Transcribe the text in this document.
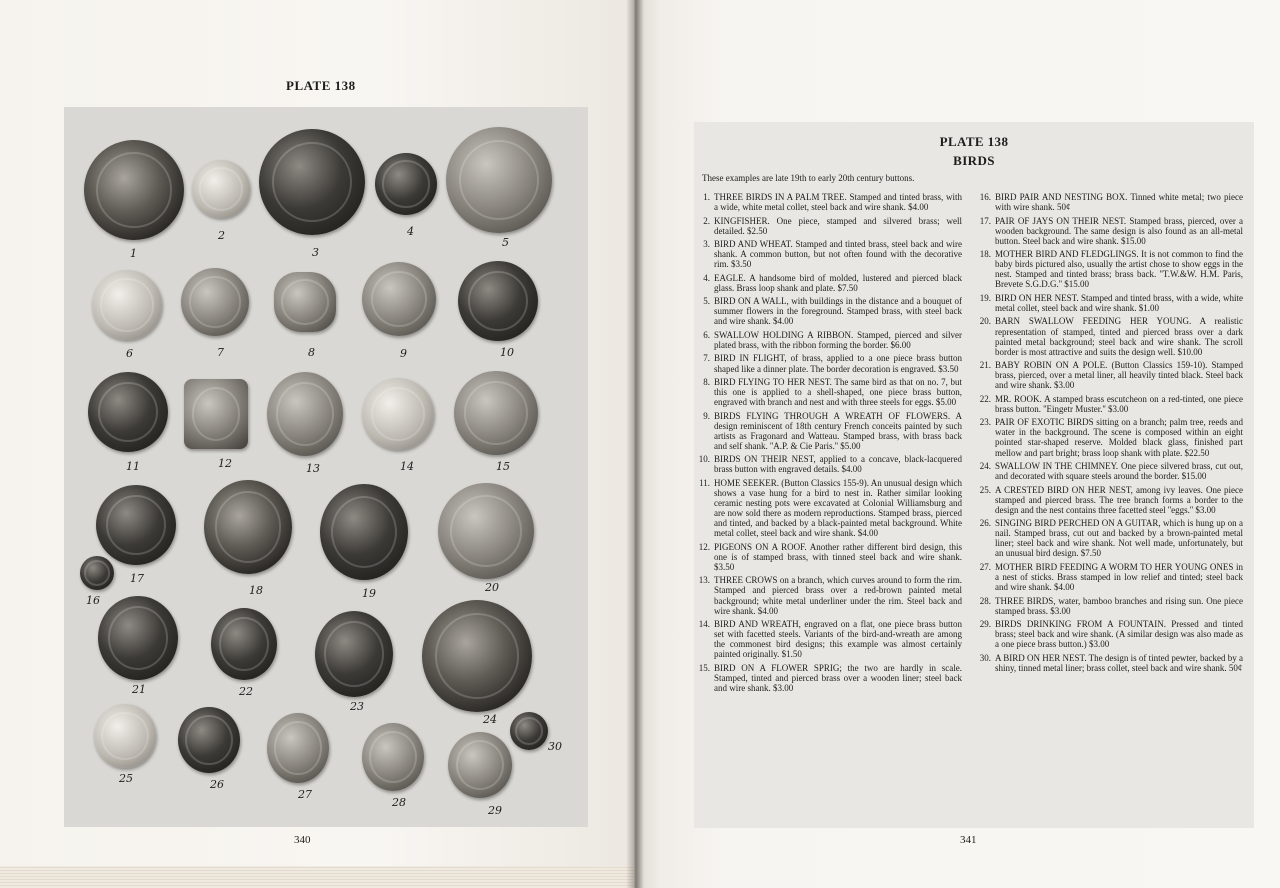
PLATE 138
1
2
3
4
5
6	7	8	9	10
11	12	13	14	15
16
17
18	19	20
21	22
23
24
25	26
27
28
29
30
340
PLATE 138
BIRDS
These examples are late 19th to early 20th century buttons.
1. THREE BIRDS IN A PALM TREE. Stamped and tinted brass, with a wide, white metal collet, steel back and wire shank. $4.00
2. KINGFISHER. One piece, stamped and silvered brass; well detailed. $2.50
3. BIRD AND WHEAT. Stamped and tinted brass, steel back and wire shank. A common button, but not often found with the decorative rim. $3.50
4. EAGLE. A handsome bird of molded, lustered and pierced black glass. Brass loop shank and plate. $7.50
5. BIRD ON A WALL, with buildings in the distance and a bouquet of summer flowers in the foreground. Stamped brass, with steel back and wire shank. $4.00
6. SWALLOW HOLDING A RIBBON. Stamped, pierced and silver plated brass, with the ribbon forming the border. $6.00
7. BIRD IN FLIGHT, of brass, applied to a one piece brass button shaped like a dinner plate. The border decoration is engraved. $3.50
8. BIRD FLYING TO HER NEST. The same bird as that on no. 7, but this one is applied to a shell-shaped, one piece brass button, engraved with branch and nest and with three steels for eggs. $5.00
9. BIRDS FLYING THROUGH A WREATH OF FLOWERS. A design reminiscent of 18th century French conceits painted by such artists as Fragonard and Watteau. Stamped brass, with brass back and self shank. ''A.P. & Cie Paris.'' $5.00
10. BIRDS ON THEIR NEST, applied to a concave, black-lacquered brass button with engraved details. $4.00
11. HOME SEEKER. (Button Classics 155-9). An unusual design which shows a vase hung for a bird to nest in. Rather similar looking ceramic nesting pots were excavated at Colonial Williamsburg and are now sold there as modern reproductions. Stamped brass, pierced and tinted, and backed by a black-painted metal background. White metal collet, steel back and wire shank. $4.00
12. PIGEONS ON A ROOF. Another rather different bird design, this one is of stamped brass, with tinned steel back and wire shank. $3.50
13. THREE CROWS on a branch, which curves around to form the rim. Stamped and pierced brass over a red-brown painted metal background; white metal underliner under the rim. Steel back and wire shank. $4.00
14. BIRD AND WREATH, engraved on a flat, one piece brass button set with facetted steels. Variants of the bird-and-wreath are among the commonest bird designs; this example was almost certainly painted originally. $1.50
15. BIRD ON A FLOWER SPRIG; the two are hardly in scale. Stamped, tinted and pierced brass over a wooden liner; steel back and wire shank. $3.00
16. BIRD PAIR AND NESTING BOX. Tinned white metal; two piece with wire shank. 50¢
17. PAIR OF JAYS ON THEIR NEST. Stamped brass, pierced, over a wooden background. The same design is also found as an all-metal button. Steel back and wire shank. $15.00
18. MOTHER BIRD AND FLEDGLINGS. It is not common to find the baby birds pictured also, usually the artist chose to show eggs in the nest. Stamped and tinted brass; brass back. ''T.W.&W. H.M. Paris, Brevete S.G.D.G.'' $15.00
19. BIRD ON HER NEST. Stamped and tinted brass, with a wide, white metal collet, steel back and wire shank. $1.00
20. BARN SWALLOW FEEDING HER YOUNG. A realistic representation of stamped, tinted and pierced brass over a dark painted metal background; steel back and wire shank. The scroll border is most attractive and suits the design well. $10.00
21. BABY ROBIN ON A POLE. (Button Classics 159-10). Stamped brass, pierced, over a metal liner, all heavily tinted black. Steel back and wire shank. $3.00
22. MR. ROOK. A stamped brass escutcheon on a red-tinted, one piece brass button. ''Eingetr Muster.'' $3.00
23. PAIR OF EXOTIC BIRDS sitting on a branch; palm tree, reeds and water in the background. The scene is composed within an eight pointed star-shaped reserve. Molded black glass, finished part mellow and part bright; brass loop shank with plate. $22.50
24. SWALLOW IN THE CHIMNEY. One piece silvered brass, cut out, and decorated with square steels around the border. $15.00
25. A CRESTED BIRD ON HER NEST, among ivy leaves. One piece stamped and pierced brass. The tree branch forms a border to the design and the nest contains three facetted steel ''eggs.'' $3.00
26. SINGING BIRD PERCHED ON A GUITAR, which is hung up on a nail. Stamped brass, cut out and backed by a brown-painted metal liner; steel back and wire shank. Not well made, unfortunately, but an unusual bird design. $7.50
27. MOTHER BIRD FEEDING A WORM TO HER YOUNG ONES in a nest of sticks. Brass stamped in low relief and tinted; steel back and wire shank. $4.00
28. THREE BIRDS, water, bamboo branches and rising sun. One piece stamped brass. $3.00
29. BIRDS DRINKING FROM A FOUNTAIN. Pressed and tinted brass; steel back and wire shank. (A similar design was also made as a one piece brass button.) $3.00
30. A BIRD ON HER NEST. The design is of tinted pewter, backed by a shiny, tinned metal liner; brass collet, steel back and wire shank. 50¢
341
